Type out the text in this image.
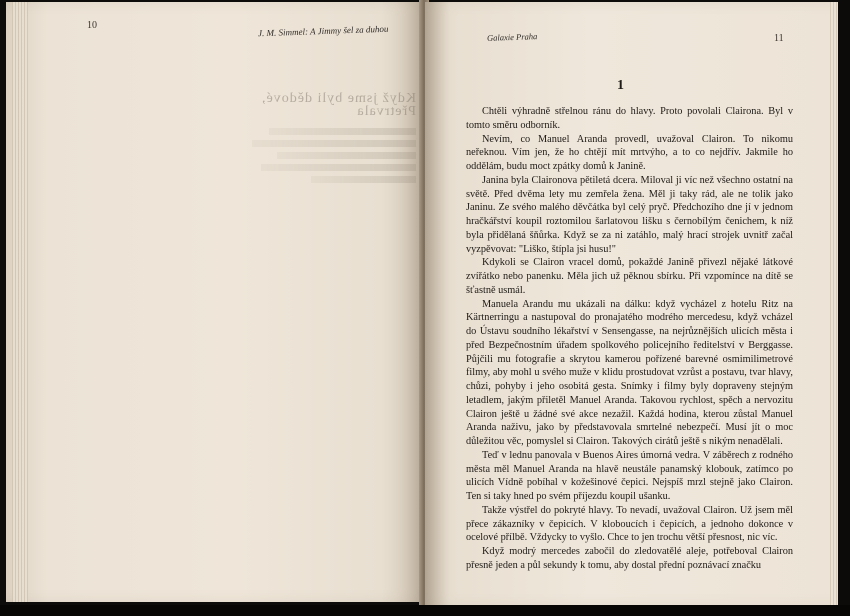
Když jsme byli dědové, Přetrvala
10	J. M. Simmel: A Jimmy šel za duhou	Galaxie Praha	11
1

Chtěli výhradně střelnou ránu do hlavy. Proto povolali Clairona. Byl v tomto směru odborník.

Nevím, co Manuel Aranda provedl, uvažoval Clairon. To nikomu neřeknou. Vím jen, že ho chtějí mít mrtvýho, a to co nejdřív. Jakmile ho oddělám, budu moct zpátky domů k Janině.

Janina byla Claironova pětiletá dcera. Miloval ji víc než všechno ostatní na světě. Před dvěma lety mu zemřela žena. Měl ji taky rád, ale ne tolik jako Janinu. Ze svého malého děvčátka byl celý pryč. Předchozího dne jí v jednom hračkářství koupil roztomilou šarlatovou lišku s černobílým čenichem, k níž byla přidělaná šňůrka. Když se za ni zatáhlo, malý hrací strojek uvnitř začal vyzpěvovat: "Liško, štípla jsi husu!"

Kdykoli se Clairon vracel domů, pokaždé Janině přivezl nějaké látkové zvířátko nebo panenku. Měla jich už pěknou sbírku. Při vzpomínce na dítě se šťastně usmál.

Manuela Arandu mu ukázali na dálku: když vycházel z hotelu Ritz na Kärtnerringu a nastupoval do pronajatého modrého mercedesu, když vcházel do Ústavu soudního lékařství v Sensengasse, na nejrůznějších ulicích města i před Bezpečnostním úřadem spolkového policejního ředitelství v Berggasse. Půjčili mu fotografie a skrytou kamerou pořízené barevné osmimilimetrové filmy, aby mohl u svého muže v klidu prostudovat vzrůst a postavu, tvar hlavy, chůzi, pohyby i jeho osobitá gesta. Snímky i filmy byly dopraveny stejným letadlem, jakým přiletěl Manuel Aranda. Takovou rychlost, spěch a nervozitu Clairon ještě u žádné své akce nezažil. Každá hodina, kterou zůstal Manuel Aranda naživu, jako by představovala smrtelné nebezpečí. Musí jít o moc důležitou věc, pomyslel si Clairon. Takových cirátů ještě s nikým nenadělali.

Teď v lednu panovala v Buenos Aires úmorná vedra. V záběrech z rodného města měl Manuel Aranda na hlavě neustále panamský klobouk, zatímco po ulicích Vídně pobíhal v kožešinové čepici. Nejspíš mrzl stejně jako Clairon. Ten si taky hned po svém příjezdu koupil ušanku.

Takže výstřel do pokryté hlavy. To nevadí, uvažoval Clairon. Už jsem měl přece zákazníky v čepicích. V kloboucích i čepicích, a jednoho dokonce v ocelové přílbě. Vždycky to vyšlo. Chce to jen trochu větší přesnost, nic víc.

Když modrý mercedes zabočil do zledovatělé aleje, potřeboval Clairon přesně jeden a půl sekundy k tomu, aby dostal přední poznávací značku
